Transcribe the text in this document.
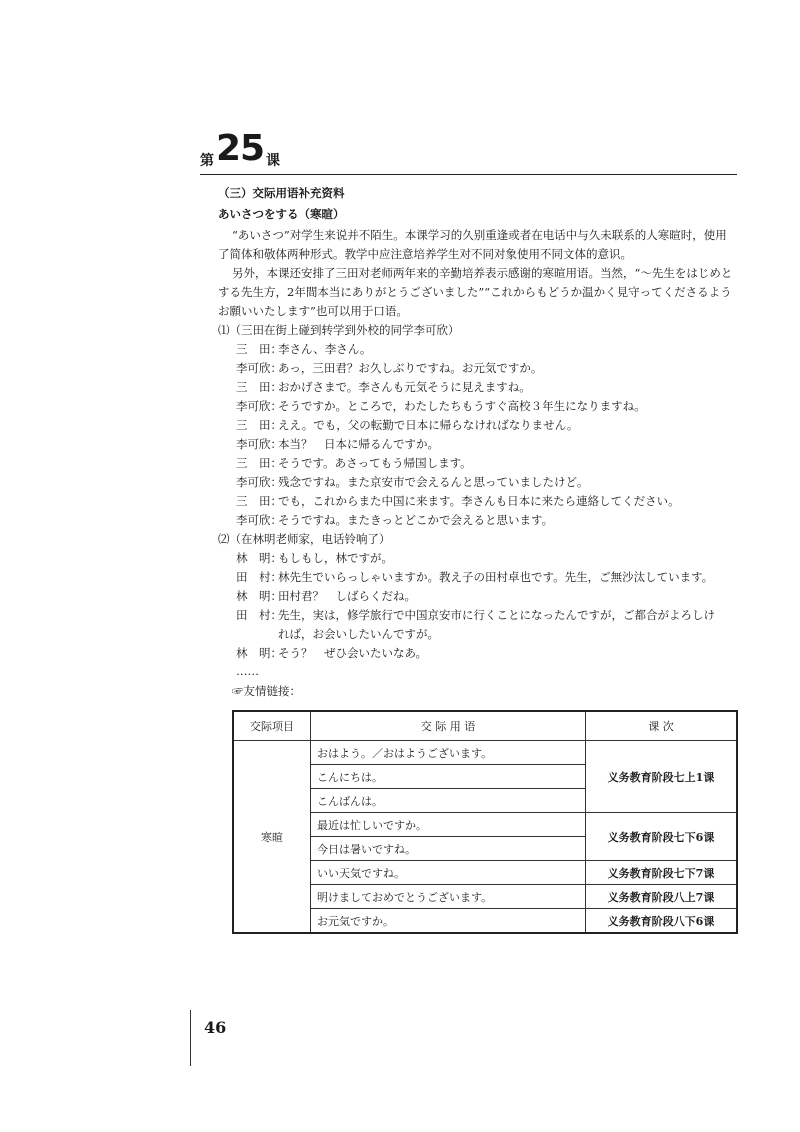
第 25 课
（三）交际用语补充资料
あいさつをする（寒暄）
“あいさつ”对学生来说并不陌生。本课学习的久别重逢或者在电话中与久未联系的人寒暄时，使用
了简体和敬体两种形式。教学中应注意培养学生对不同对象使用不同文体的意识。
另外，本课还安排了三田对老师两年来的辛勤培养表示感谢的寒暄用语。当然，“～先生をはじめと
する先生方，2年間本当にありがとうございました”“これからもどうか温かく見守ってくださるよう
お願いいたします”也可以用于口语。
⑴（三田在街上碰到转学到外校的同学李可欣）
三　田：李さん、李さん。
李可欣：あっ，三田君？お久しぶりですね。お元気ですか。
三　田：おかげさまで。李さんも元気そうに見えますね。
李可欣：そうですか。ところで，わたしたちもうすぐ高校３年生になりますね。
三　田：ええ。でも，父の転勤で日本に帰らなければなりません。
李可欣：本当？　日本に帰るんですか。
三　田：そうです。あさってもう帰国します。
李可欣：残念ですね。また京安市で会えるんと思っていましたけど。
三　田：でも，これからまた中国に来ます。李さんも日本に来たら連絡してください。
李可欣：そうですね。またきっとどこかで会えると思います。
⑵（在林明老师家，电话铃响了）
林　明：もしもし，林ですが。
田　村：林先生でいらっしゃいますか。教え子の田村卓也です。先生，ご無沙汰しています。
林　明：田村君？　しばらくだね。
田　村：先生，実は，修学旅行で中国京安市に行くことになったんですが，ご都合がよろしけ
れば，お会いしたいんですが。
林　明：そう？　ぜひ会いたいなあ。
……
☞友情链接：
交际项目	交 际 用 语	课 次
寒暄	おはよう。／おはようございます。	义务教育阶段七上1课
	こんにちは。	
	こんばんは。	
	最近は忙しいですか。	义务教育阶段七下6课
	今日は暑いですね。	
	いい天気ですね。	义务教育阶段七下7课
	明けましておめでとうございます。	义务教育阶段八上7课
	お元気ですか。	义务教育阶段八下6课
46
